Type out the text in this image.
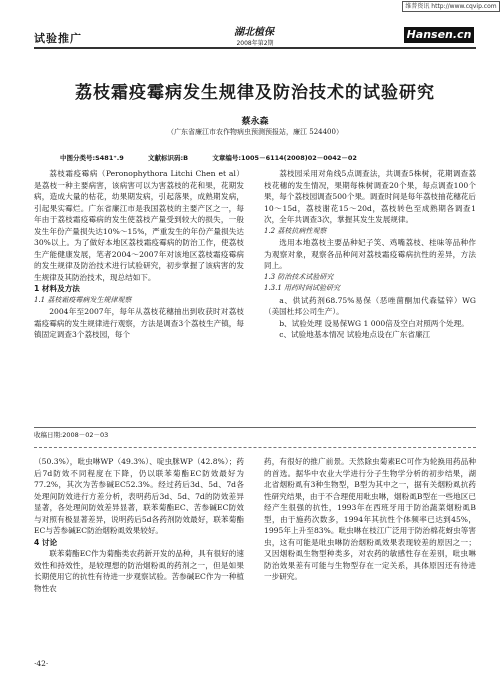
维普资讯 http://www.cqvip.com
试验推广	湖北植保
2008年第2期
Hansen.cn
荔枝霜疫霉病发生规律及防治技术的试验研究
蔡永森
（广东省廉江市农作物病虫预测预报站，廉江 524400）
中图分类号:S481⁺.9	文献标识码:B	文章编号:1005－6114(2008)02－0042－02

荔枝霜疫霉病（Peronophythora Litchi Chen et al）是荔枝一种主要病害，该病害可以为害荔枝的花和果，花期发病，造成大量的枯花，幼果期发病，引起落果，成熟期发病，引起果实霉烂。广东省廉江市是我国荔枝的主要产区之一，每年由于荔枝霜疫霉病的发生使荔枝产量受到较大的损失，一般发生年份产量损失达10%～15%，严重发生的年份产量损失达30%以上。为了做好本地区荔枝霜疫霉病的防治工作，使荔枝生产能健康发展，笔者2004～2007年对该地区荔枝霜疫霉病的发生规律及防治技术进行试验研究，初步掌握了该病害的发生规律及其防治技术，现总结如下。

1 材料及方法

1.1 荔枝霜疫霉病发生规律观察

2004年至2007年，每年从荔枝花穗抽出到收获时对荔枝霜疫霉病的发生规律进行观察，方法是调查3个荔枝生产镇，每镇固定调查3个荔枝园，每个

荔枝园采用对角线5点调查法，共调查5株树，花期调查荔枝花穗的发生情况，果期每株树调查20个果，每点调查100个果，每个荔枝园调查500个果。调查时间是每年荔枝抽花穗花后10～15d，荔枝谢花15～20d，荔枝转色至成熟期各调查1次，全年共调查3次，掌握其发生发展规律。

1.2 荔枝抗病性观察

选用本地荔枝主要品种妃子笑、鸡嘴荔枝、桂味等品种作为观察对象，观察各品种间对荔枝霜疫霉病抗性的差异，方法同上。

1.3 防治技术试验研究

1.3.1 用药时间试验研究

a、供试药剂68.75%易保（恶唑菌酮加代森锰锌）WG（美国杜邦公司生产）。

b、试验处理 设易保WG 1 000倍及空白对照两个处理。

c、试验地基本情况 试验地点设在广东省廉江

收稿日期:2008－02－03

（50.3%），吡虫啉WP（49.3%）、啶虫脒WP（42.8%）；药后7d防效不同程度在下降，仍以联苯菊酯EC防效最好为77.2%，其次为苦参碱EC52.3%。经过药后3d、5d、7d各处理间防效进行方差分析，表明药后3d、5d、7d的防效差异显著，各处理间防效差异显著，联苯菊酯EC、苦参碱EC防效与对照有极显著差异，说明药后5d各药剂防效最好，联苯菊酯EC与苦参碱EC防治烟粉虱效果较好。

4 讨论

联苯菊酯EC作为菊酯类农药新开发的品种，具有很好的速效性和持效性，是较理想的防治烟粉虱的药剂之一，但是如果长期使用它的抗性有待进一步观察试验。苦参碱EC作为一种植物性农

药，有很好的推广前景。天然除虫菊素EC可作为轮换用药品种的首选。据华中农业大学进行分子生物学分析的初步结果，湖北省烟粉虱有3种生物型，B型为其中之一，据有关烟粉虱抗药性研究结果，由于不合理使用吡虫啉，烟粉虱B型在一些地区已经产生很强的抗性，1993年在西班牙用于防治蔬菜烟粉虱B型，由于施药次数多，1994年其抗性个体频率已达到45%，1995年上升至83%。吡虫啉在枝江广泛用于防治棉花蚜虫等害虫，这有可能是吡虫啉防治烟粉虱效果表现较差的原因之一；又因烟粉虱生物型种类多，对农药的敏感性存在差别，吡虫啉防治效果差有可能与生物型存在一定关系，具体原因还有待进一步研究。

·42·
